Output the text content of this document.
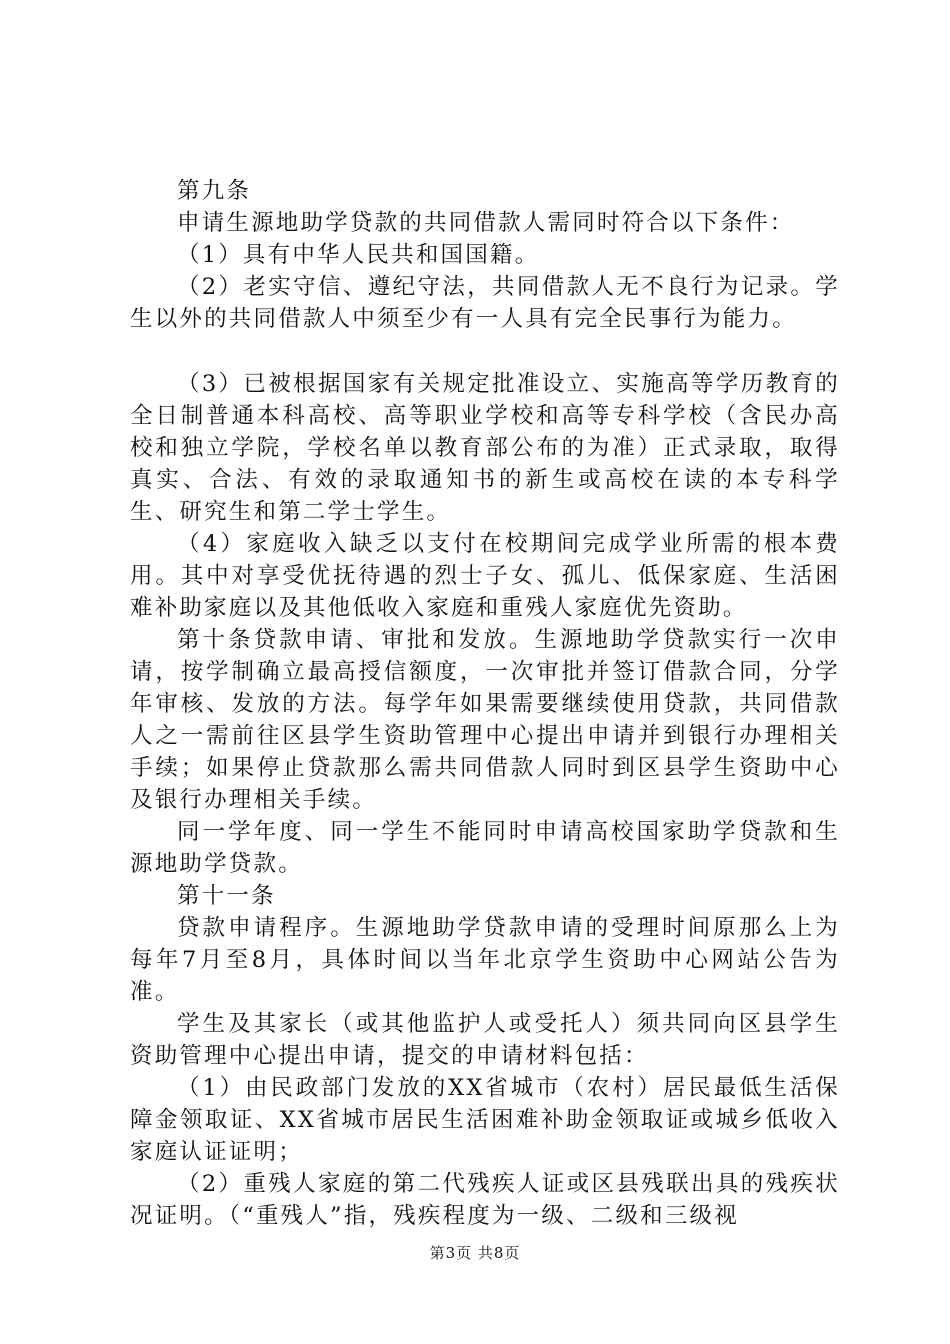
第九条

申请生源地助学贷款的共同借款人需同时符合以下条件：

（1）具有中华人民共和国国籍。

（2）老实守信、遵纪守法，共同借款人无不良行为记录。学生以外的共同借款人中须至少有一人具有完全民事行为能力。

（3）已被根据国家有关规定批准设立、实施高等学历教育的全日制普通本科高校、高等职业学校和高等专科学校（含民办高校和独立学院，学校名单以教育部公布的为准）正式录取，取得真实、合法、有效的录取通知书的新生或高校在读的本专科学生、研究生和第二学士学生。

（4）家庭收入缺乏以支付在校期间完成学业所需的根本费用。其中对享受优抚待遇的烈士子女、孤儿、低保家庭、生活困难补助家庭以及其他低收入家庭和重残人家庭优先资助。

第十条贷款申请、审批和发放。生源地助学贷款实行一次申请，按学制确立最高授信额度，一次审批并签订借款合同，分学年审核、发放的方法。每学年如果需要继续使用贷款，共同借款人之一需前往区县学生资助管理中心提出申请并到银行办理相关手续；如果停止贷款那么需共同借款人同时到区县学生资助中心及银行办理相关手续。

同一学年度、同一学生不能同时申请高校国家助学贷款和生源地助学贷款。

第十一条

贷款申请程序。生源地助学贷款申请的受理时间原那么上为每年7月至8月，具体时间以当年北京学生资助中心网站公告为准。

学生及其家长（或其他监护人或受托人）须共同向区县学生资助管理中心提出申请，提交的申请材料包括：

（1）由民政部门发放的XX省城市（农村）居民最低生活保障金领取证、XX省城市居民生活困难补助金领取证或城乡低收入家庭认证证明；

（2）重残人家庭的第二代残疾人证或区县残联出具的残疾状况证明。（“重残人”指，残疾程度为一级、二级和三级视

第3页 共8页
